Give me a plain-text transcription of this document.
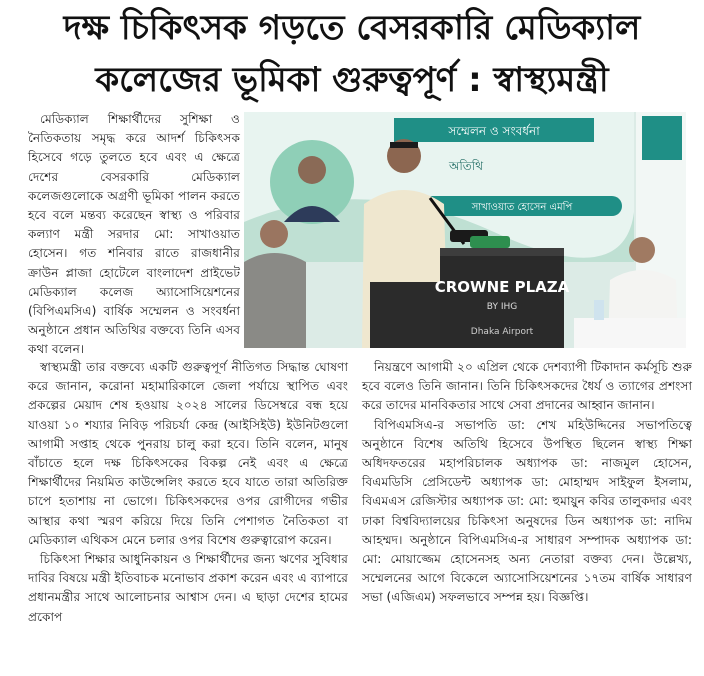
দক্ষ চিকিৎসক গড়তে বেসরকারি মেডিক্যাল
কলেজের ভূমিকা গুরুত্বপূর্ণ : স্বাস্থ্যমন্ত্রী

মেডিক্যাল শিক্ষার্থীদের সুশিক্ষা ও নৈতিকতায় সমৃদ্ধ করে আদর্শ চিকিৎসক হিসেবে গড়ে তুলতে হবে এবং এ ক্ষেত্রে দেশের বেসরকারি মেডিক্যাল কলেজগুলোকে অগ্রণী ভূমিকা পালন করতে হবে বলে মন্তব্য করেছেন স্বাস্থ্য ও পরিবার কল্যাণ মন্ত্রী সরদার মো: সাখাওয়াত হোসেন। গত শনিবার রাতে রাজধানীর ক্রাউন প্লাজা হোটেলে বাংলাদেশ প্রাইভেট মেডিক্যাল কলেজ অ্যাসোসিয়েশনের (বিপিএমসিএ) বার্ষিক সম্মেলন ও সংবর্ধনা অনুষ্ঠানে প্রধান অতিথির বক্তব্যে তিনি এসব কথা বলেন।

সম্মেলন ও সংবর্ধনা
অতিথি
সাখাওয়াত হোসেন এমপি
CROWNE PLAZA
BY IHG
Dhaka Airport

স্বাস্থ্যমন্ত্রী তার বক্তব্যে একটি গুরুত্বপূর্ণ নীতিগত সিদ্ধান্ত ঘোষণা করে জানান, করোনা মহামারিকালে জেলা পর্যায়ে স্থাপিত এবং প্রকল্পের মেয়াদ শেষ হওয়ায় ২০২৪ সালের ডিসেম্বরে বন্ধ হয়ে যাওয়া ১০ শয্যার নিবিড় পরিচর্যা কেন্দ্র (আইসিইউ) ইউনিটগুলো আগামী সপ্তাহ থেকে পুনরায় চালু করা হবে। তিনি বলেন, মানুষ বাঁচাতে হলে দক্ষ চিকিৎসকের বিকল্প নেই এবং এ ক্ষেত্রে শিক্ষার্থীদের নিয়মিত কাউন্সেলিং করতে হবে যাতে তারা অতিরিক্ত চাপে হতাশায় না ভোগে। চিকিৎসকদের ওপর রোগীদের গভীর আস্থার কথা স্মরণ করিয়ে দিয়ে তিনি পেশাগত নৈতিকতা বা মেডিক্যাল এথিকস মেনে চলার ওপর বিশেষ গুরুত্বারোপ করেন।

চিকিৎসা শিক্ষার আধুনিকায়ন ও শিক্ষার্থীদের জন্য ঋণের সুবিধার দাবির বিষয়ে মন্ত্রী ইতিবাচক মনোভাব প্রকাশ করেন এবং এ ব্যাপারে প্রধানমন্ত্রীর সাথে আলোচনার আশ্বাস দেন। এ ছাড়া দেশের হামের প্রকোপ

নিয়ন্ত্রণে আগামী ২০ এপ্রিল থেকে দেশব্যাপী টিকাদান কর্মসূচি শুরু হবে বলেও তিনি জানান। তিনি চিকিৎসকদের ধৈর্য ও ত্যাগের প্রশংসা করে তাদের মানবিকতার সাথে সেবা প্রদানের আহ্বান জানান।

বিপিএমসিএ-র সভাপতি ডা: শেখ মহিউদ্দিনের সভাপতিত্বে অনুষ্ঠানে বিশেষ অতিথি হিসেবে উপস্থিত ছিলেন স্বাস্থ্য শিক্ষা অধিদফতরের মহাপরিচালক অধ্যাপক ডা: নাজমুল হোসেন, বিএমডিসি প্রেসিডেন্ট অধ্যাপক ডা: মোহাম্মদ সাইফুল ইসলাম, বিএমএস রেজিস্টার অধ্যাপক ডা: মো: হুমায়ুন কবির তালুকদার এবং ঢাকা বিশ্ববিদ্যালয়ের চিকিৎসা অনুষদের ডিন অধ্যাপক ডা: নাদিম আহম্মদ। অনুষ্ঠানে বিপিএমসিএ-র সাধারণ সম্পাদক অধ্যাপক ডা: মো: মোয়াজ্জেম হোসেনসহ অন্য নেতারা বক্তব্য দেন। উল্লেখ্য, সম্মেলনের আগে বিকেলে অ্যাসোসিয়েশনের ১৭তম বার্ষিক সাধারণ সভা (এজিএম) সফলভাবে সম্পন্ন হয়। বিজ্ঞপ্তি।
